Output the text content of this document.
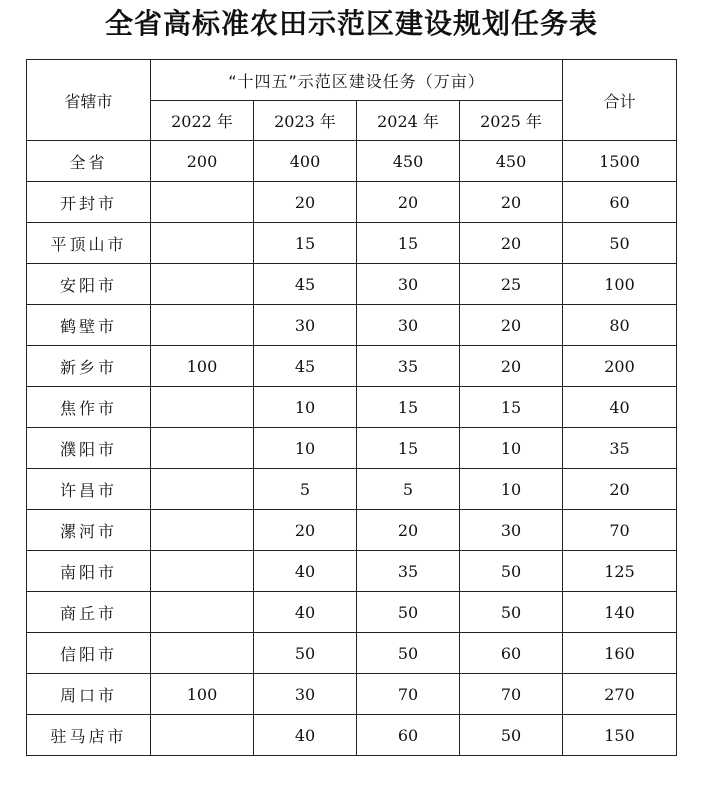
全省高标准农田示范区建设规划任务表
省辖市	“十四五”示范区建设任务（万亩）				合计
	2022 年	2023 年	2024 年	2025 年	
全省	200	400	450	450	1500
开封市		20	20	20	60
平顶山市		15	15	20	50
安阳市		45	30	25	100
鹤壁市		30	30	20	80
新乡市	100	45	35	20	200
焦作市		10	15	15	40
濮阳市		10	15	10	35
许昌市		5	5	10	20
漯河市		20	20	30	70
南阳市		40	35	50	125
商丘市		40	50	50	140
信阳市		50	50	60	160
周口市	100	30	70	70	270
驻马店市		40	60	50	150
